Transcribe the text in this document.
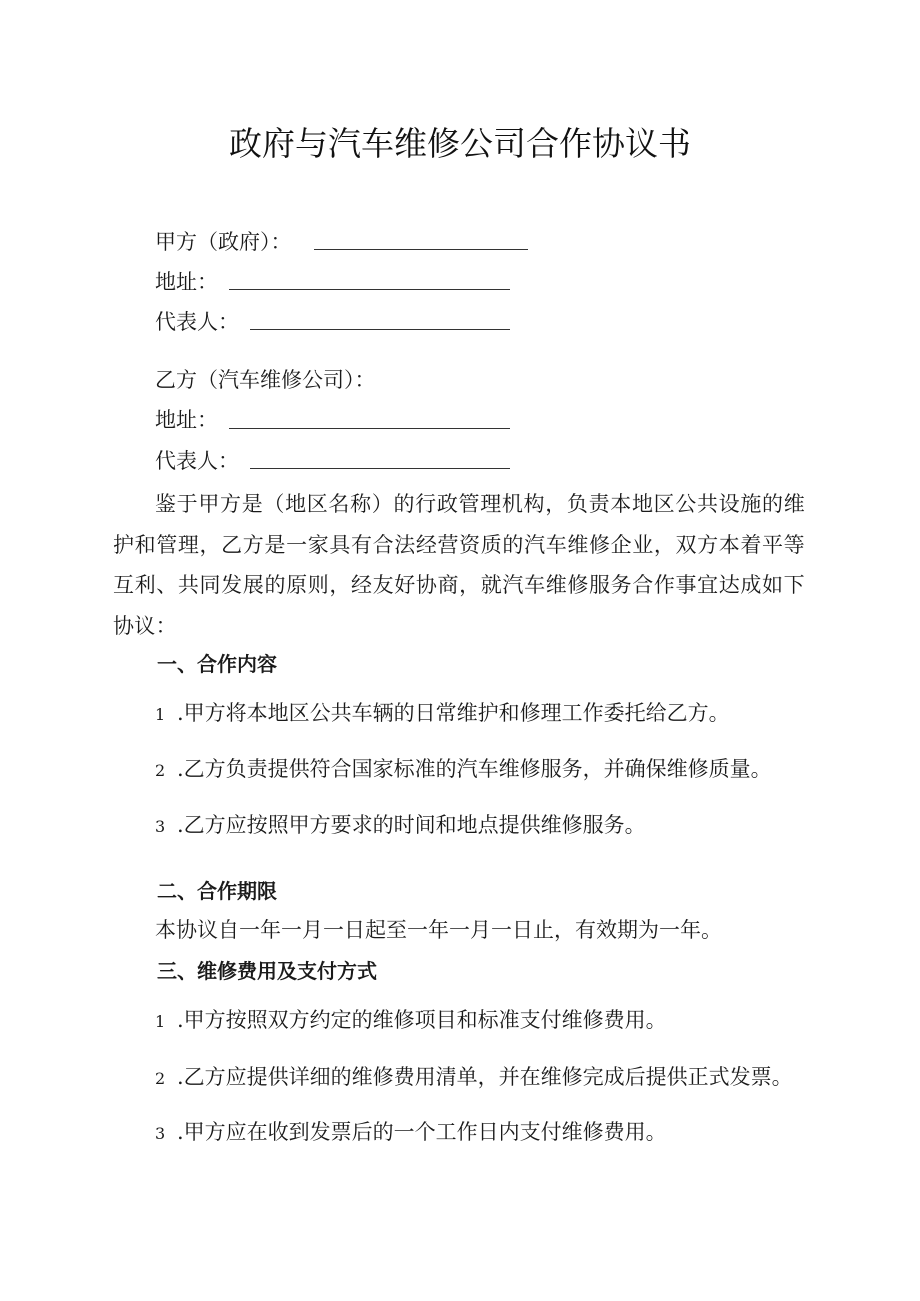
政府与汽车维修公司合作协议书
甲方（政府）：
地址：
代表人：
乙方（汽车维修公司）：
地址：
代表人：
鉴于甲方是（地区名称）的行政管理机构，负责本地区公共设施的维护和管理，乙方是一家具有合法经营资质的汽车维修企业，双方本着平等互利、共同发展的原则，经友好协商，就汽车维修服务合作事宜达成如下协议：
一、合作内容
1 .甲方将本地区公共车辆的日常维护和修理工作委托给乙方。
2 .乙方负责提供符合国家标准的汽车维修服务，并确保维修质量。
3 .乙方应按照甲方要求的时间和地点提供维修服务。
二、合作期限
本协议自一年一月一日起至一年一月一日止，有效期为一年。
三、维修费用及支付方式
1 .甲方按照双方约定的维修项目和标准支付维修费用。
2 .乙方应提供详细的维修费用清单，并在维修完成后提供正式发票。
3 .甲方应在收到发票后的一个工作日内支付维修费用。
